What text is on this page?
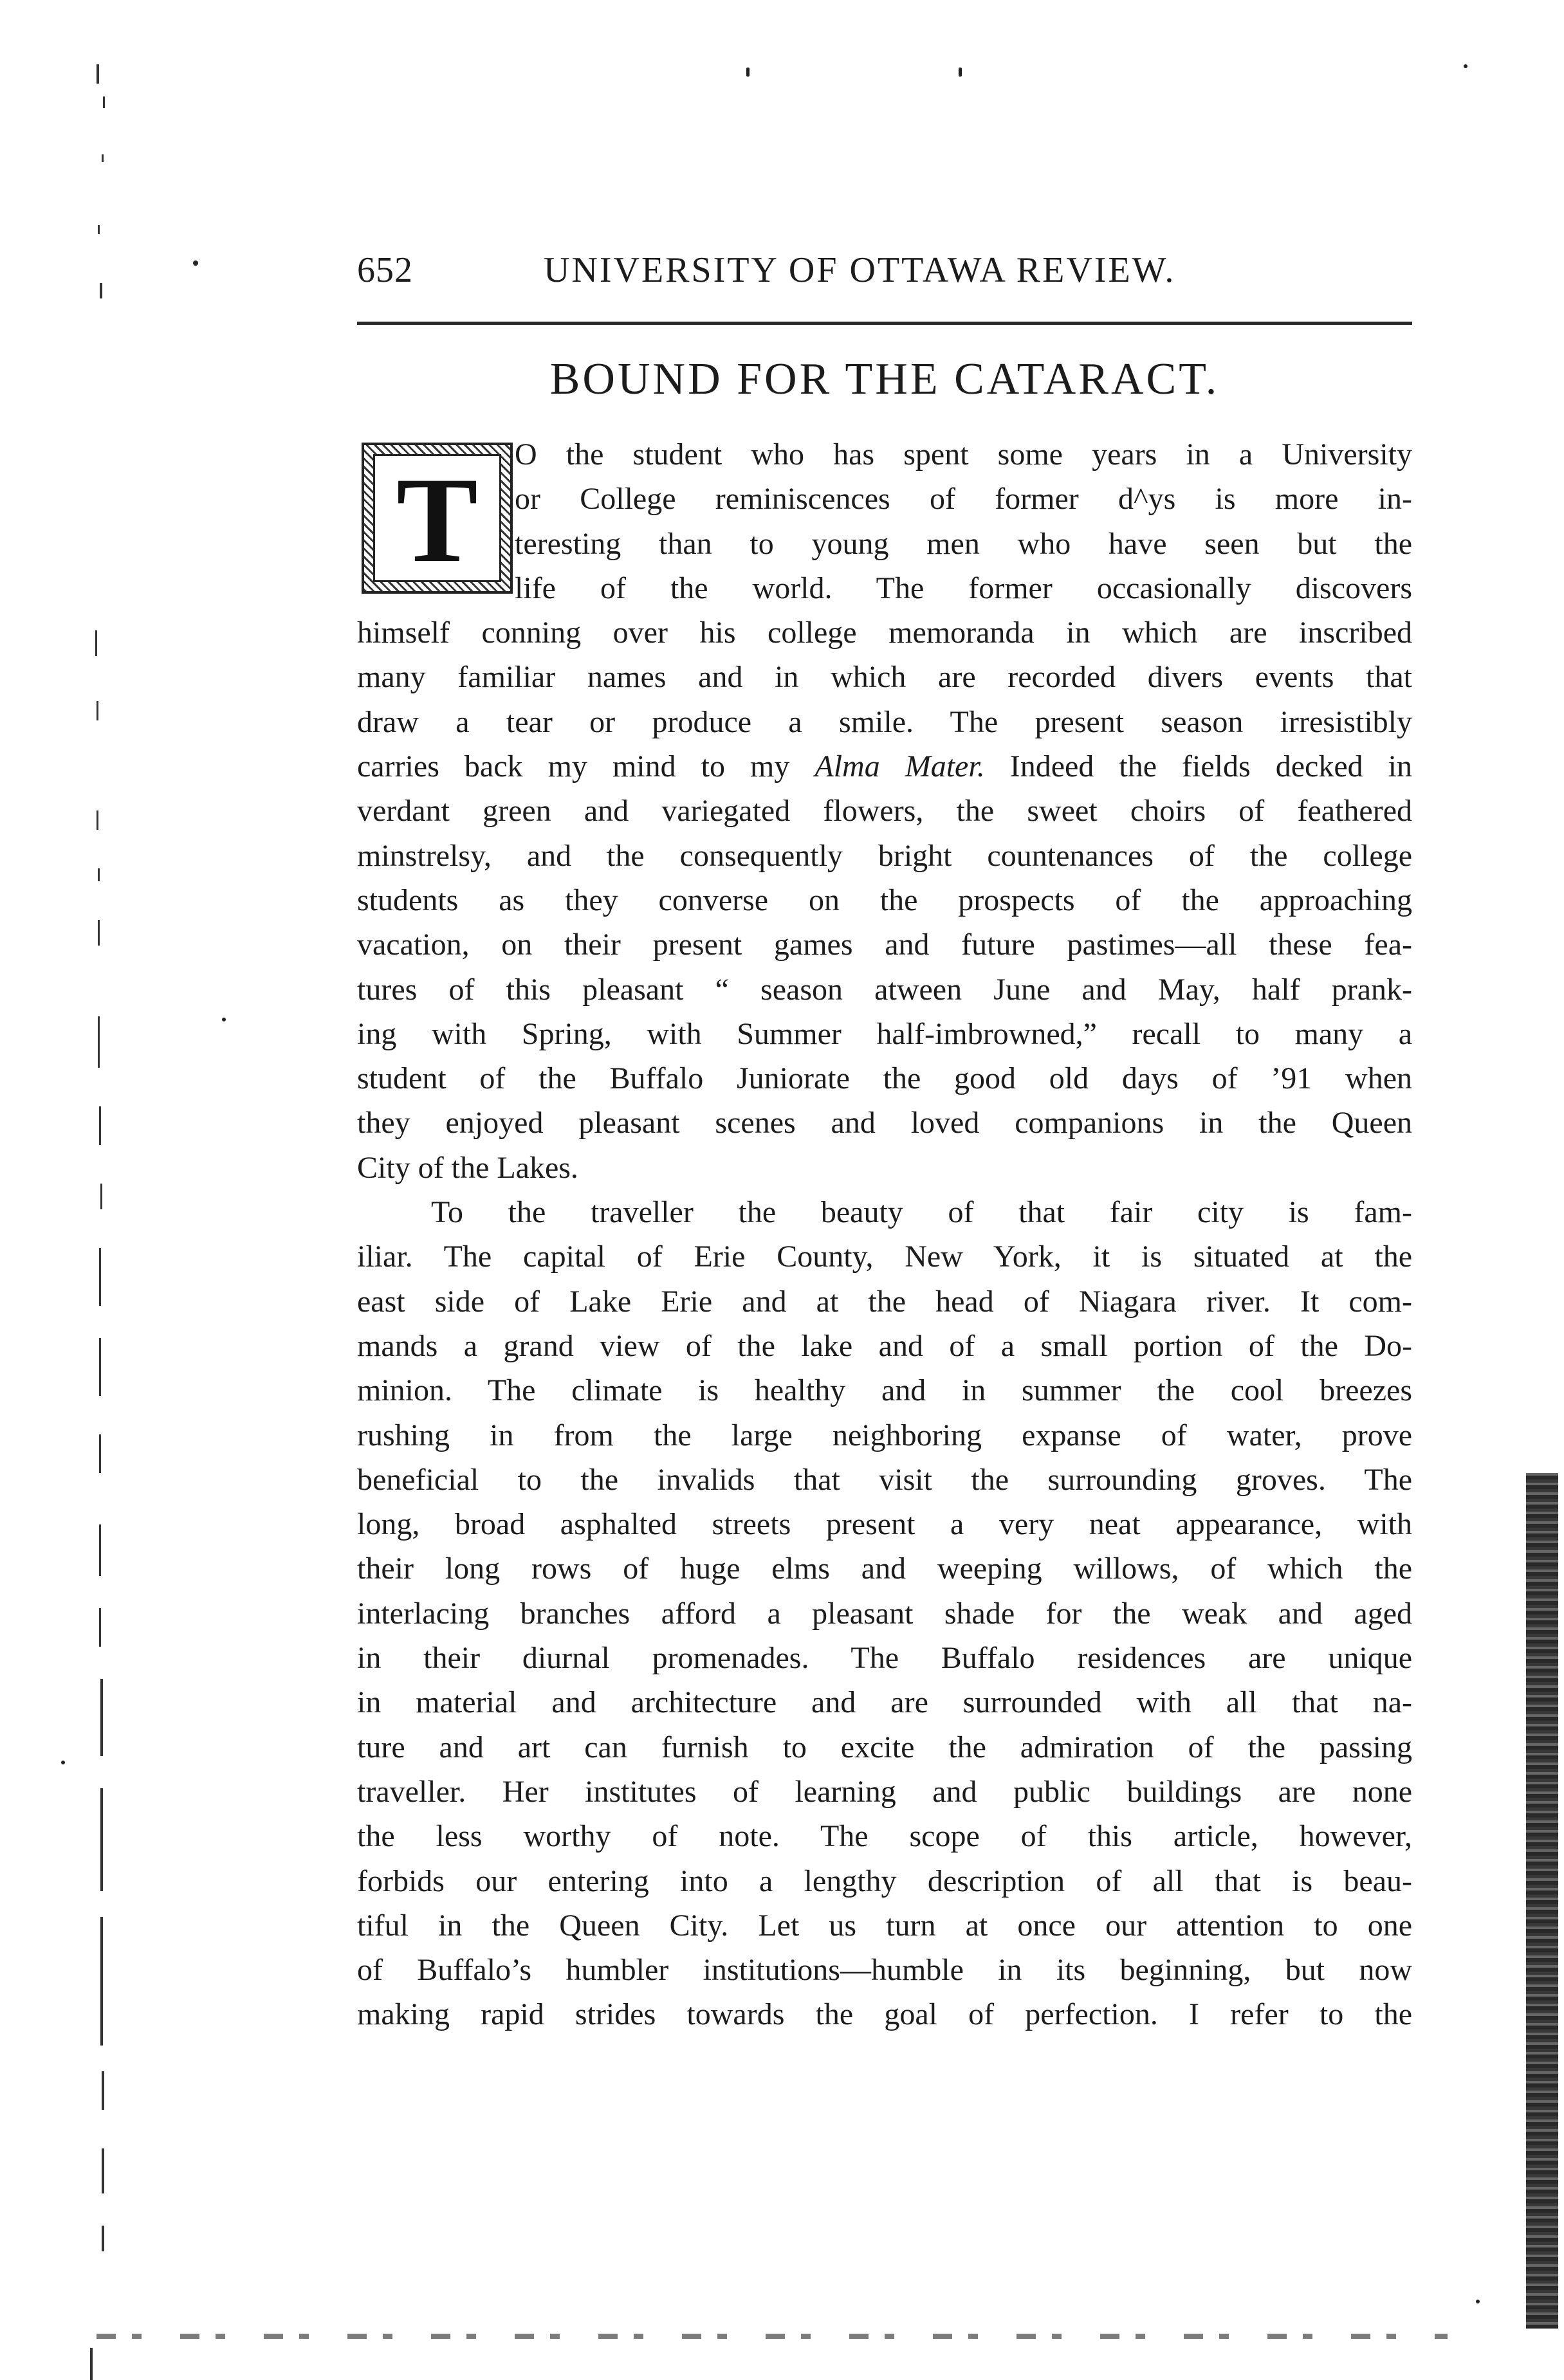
652	UNIVERSITY OF OTTAWA REVIEW.
BOUND FOR THE CATARACT.
T	O the student who has spent some years in a University
or College reminiscences of former d^ys is more in-
teresting than to young men who have seen but the
life of the world. The former occasionally discovers
himself conning over his college memoranda in which are inscribed
many familiar names and in which are recorded divers events that
draw a tear or produce a smile. The present season irresistibly
carries back my mind to my Alma Mater. Indeed the fields decked in
verdant green and variegated flowers, the sweet choirs of feathered
minstrelsy, and the consequently bright countenances of the college
students as they converse on the prospects of the approaching
vacation, on their present games and future pastimes—all these fea-
tures of this pleasant “ season atween June and May, half prank-
ing with Spring, with Summer half-imbrowned,” recall to many a
student of the Buffalo Juniorate the good old days of ’91 when
they enjoyed pleasant scenes and loved companions in the Queen
City of the Lakes.
To the traveller the beauty of that fair city is fam-
iliar. The capital of Erie County, New York, it is situated at the
east side of Lake Erie and at the head of Niagara river. It com-
mands a grand view of the lake and of a small portion of the Do-
minion. The climate is healthy and in summer the cool breezes
rushing in from the large neighboring expanse of water, prove
beneficial to the invalids that visit the surrounding groves. The
long, broad asphalted streets present a very neat appearance, with
their long rows of huge elms and weeping willows, of which the
interlacing branches afford a pleasant shade for the weak and aged
in their diurnal promenades. The Buffalo residences are unique
in material and architecture and are surrounded with all that na-
ture and art can furnish to excite the admiration of the passing
traveller. Her institutes of learning and public buildings are none
the less worthy of note. The scope of this article, however,
forbids our entering into a lengthy description of all that is beau-
tiful in the Queen City. Let us turn at once our attention to one
of Buffalo’s humbler institutions—humble in its beginning, but now
making rapid strides towards the goal of perfection. I refer to the
